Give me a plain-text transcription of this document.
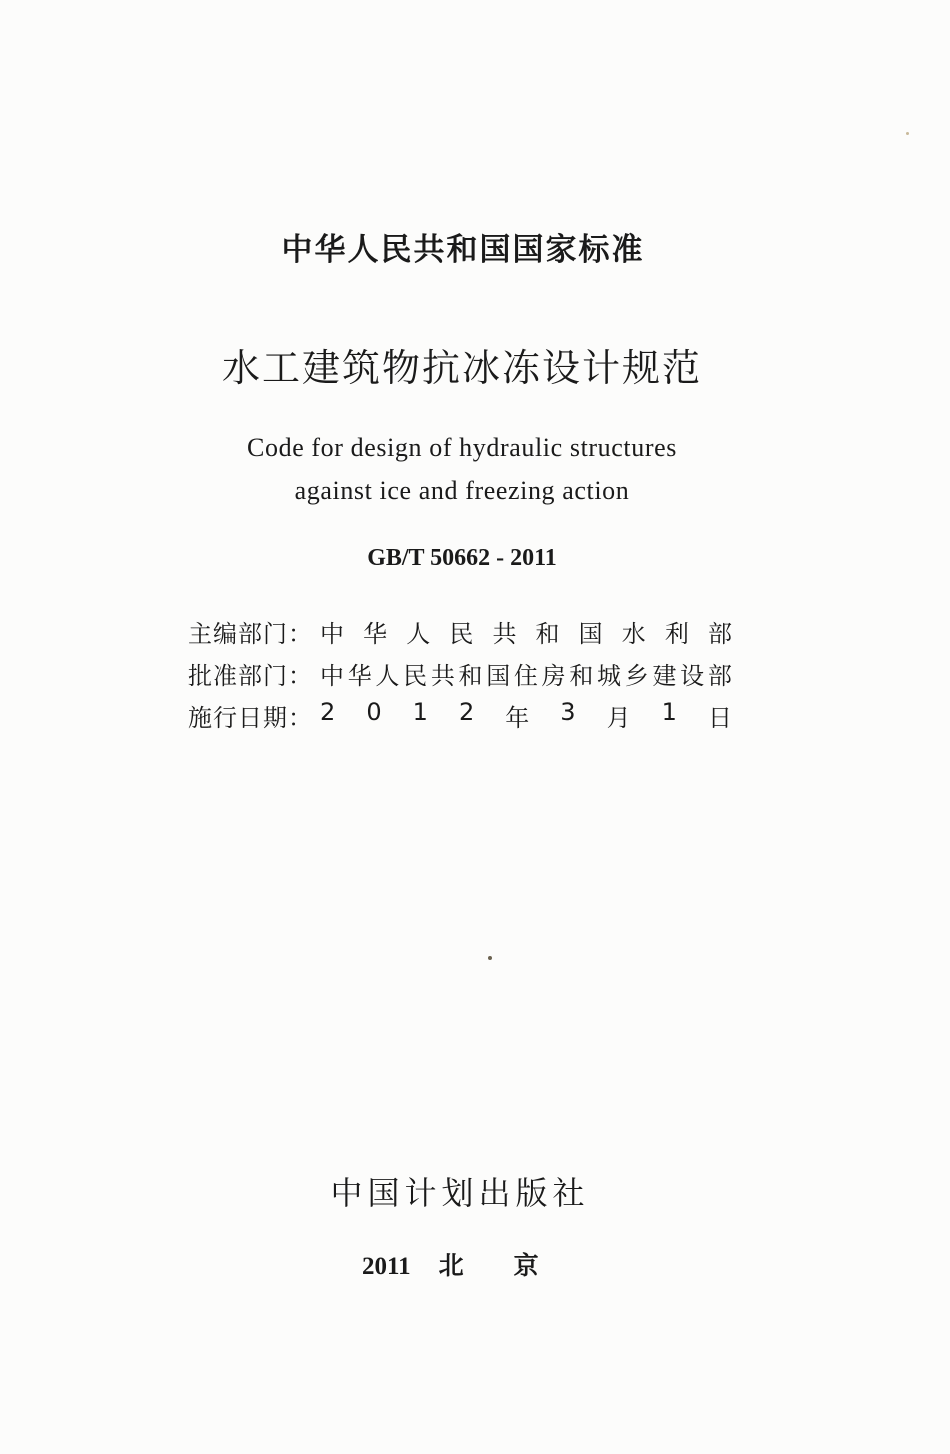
中华人民共和国国家标准
水工建筑物抗冰冻设计规范
Code for design of hydraulic structures
against ice and freezing action
GB/T 50662 - 2011
主编部门： 中 华 人 民 共 和 国 水 利 部
批准部门： 中 华 人 民 共 和 国 住 房 和 城 乡 建 设 部
施行日期： 2 0 1 2 年 3 月 1 日
中国计划出版社
2011 北京
